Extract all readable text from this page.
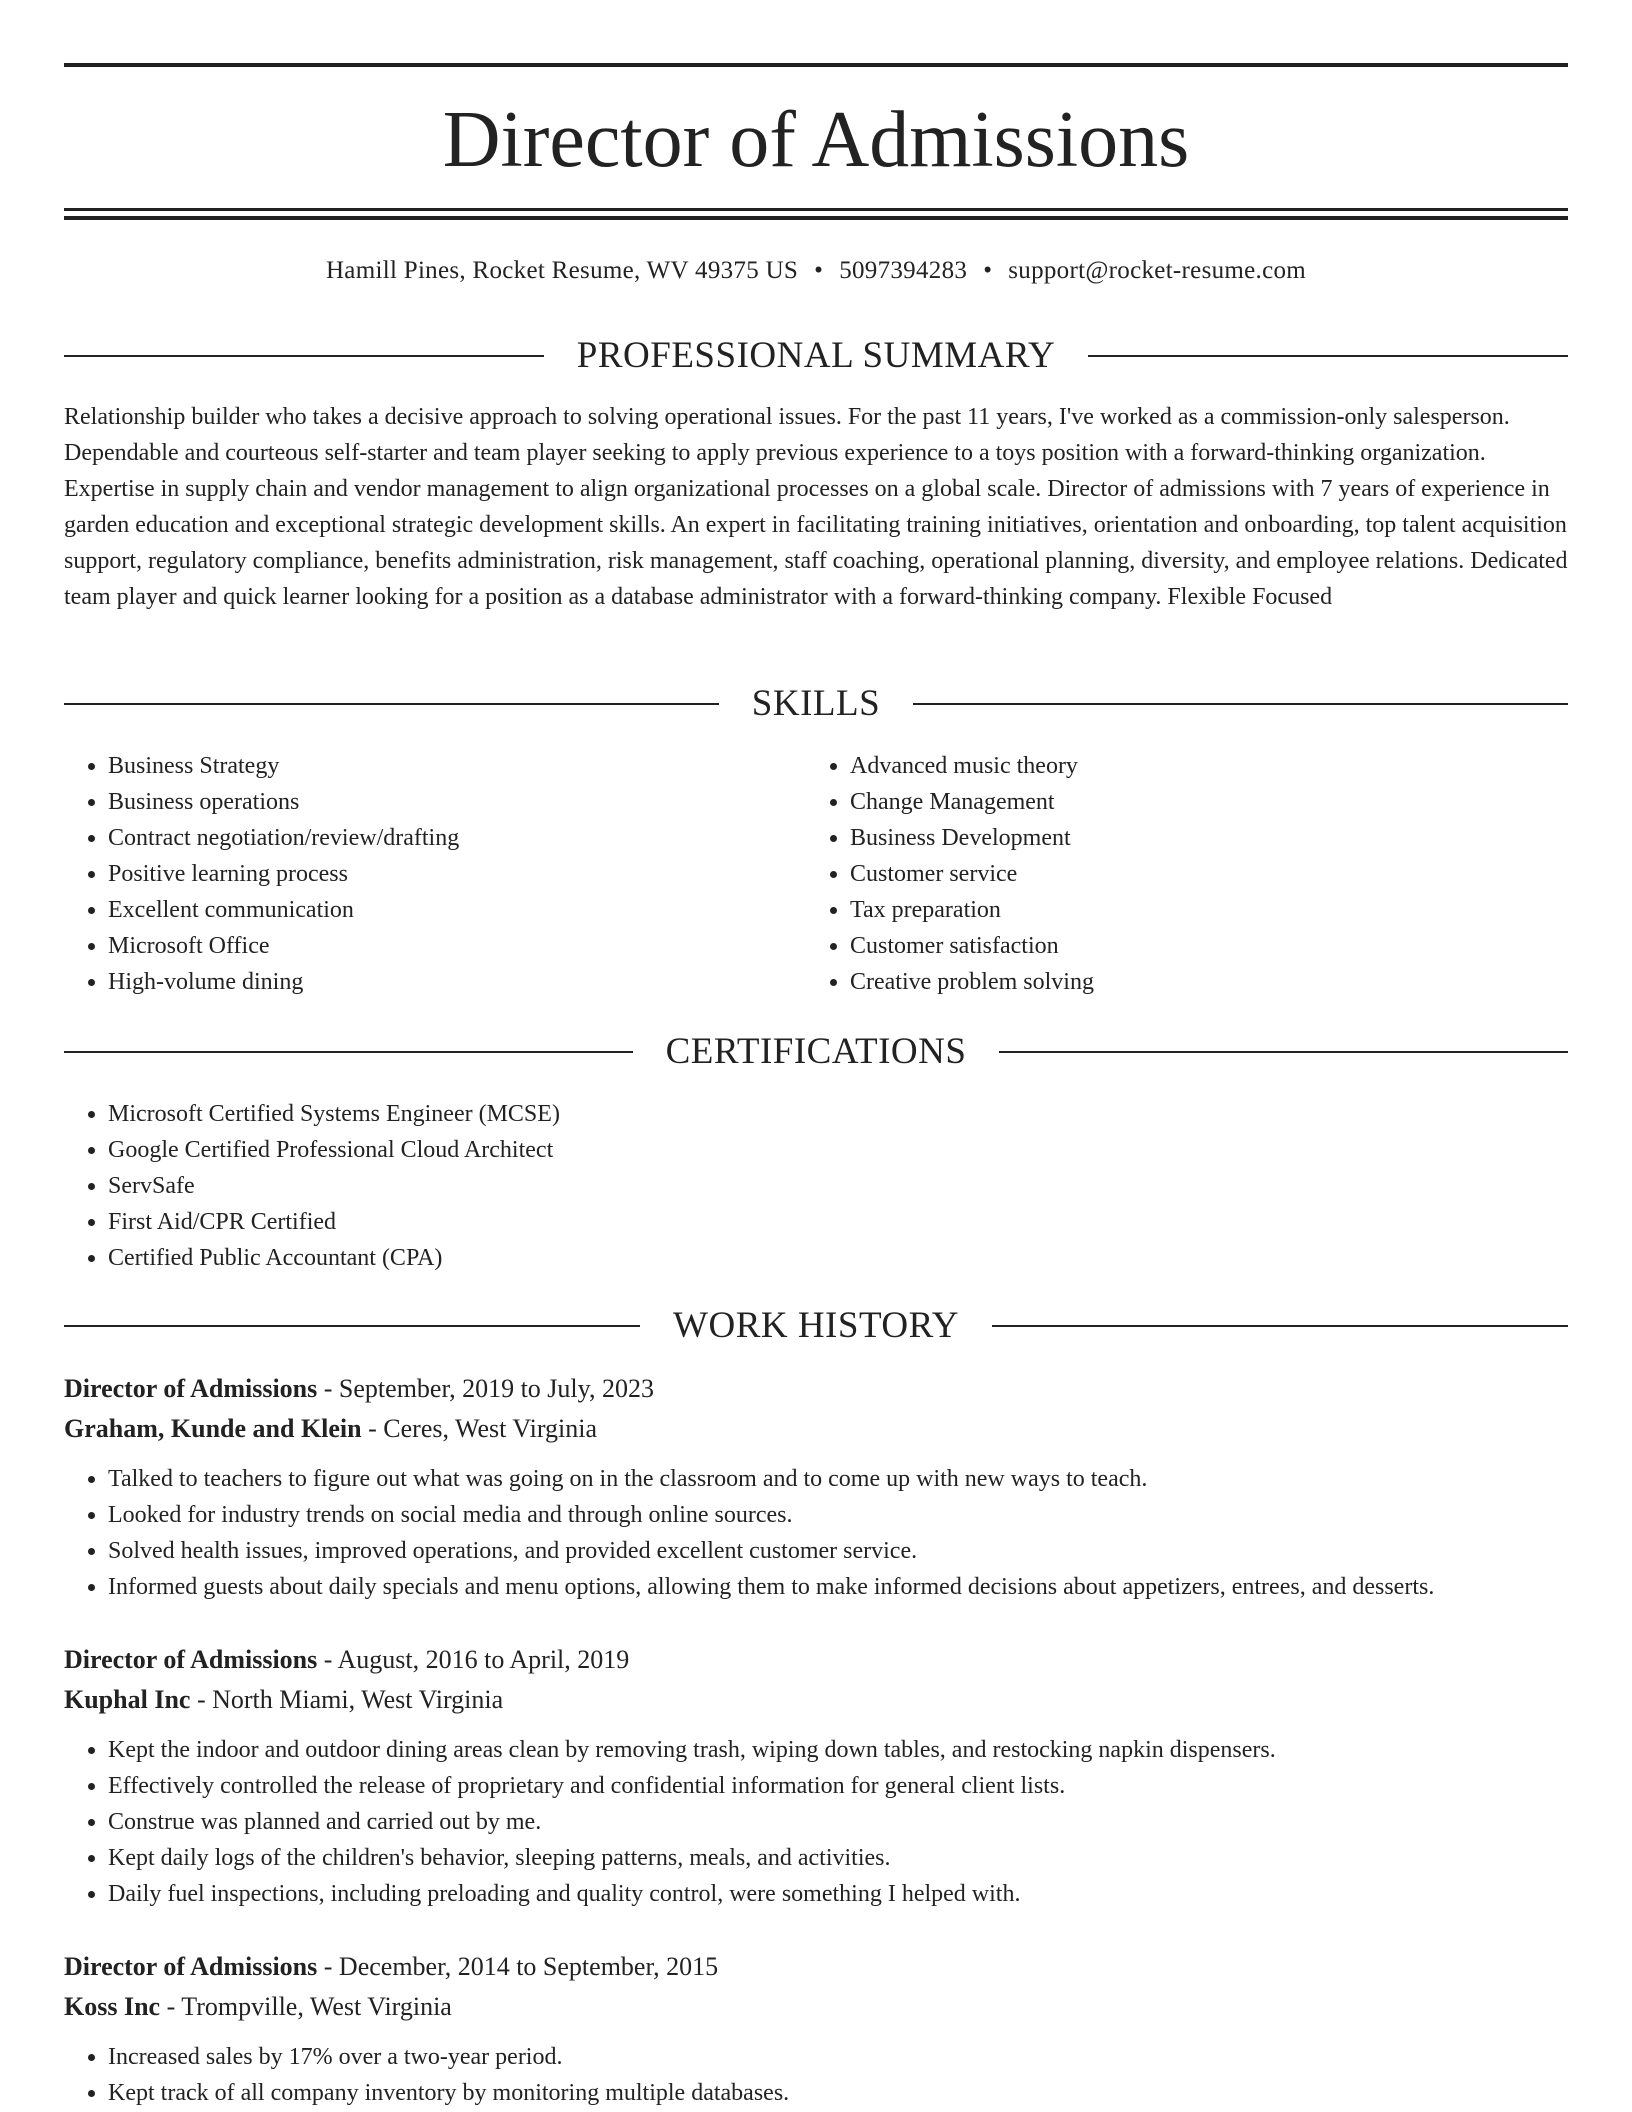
Director of Admissions
Hamill Pines, Rocket Resume, WV 49375 US • 5097394283 • support@rocket-resume.com
PROFESSIONAL SUMMARY

Relationship builder who takes a decisive approach to solving operational issues. For the past 11 years, I've worked as a commission-only salesperson. Dependable and courteous self-starter and team player seeking to apply previous experience to a toys position with a forward-thinking organization. Expertise in supply chain and vendor management to align organizational processes on a global scale. Director of admissions with 7 years of experience in garden education and exceptional strategic development skills. An expert in facilitating training initiatives, orientation and onboarding, top talent acquisition support, regulatory compliance, benefits administration, risk management, staff coaching, operational planning, diversity, and employee relations. Dedicated team player and quick learner looking for a position as a database administrator with a forward-thinking company. Flexible Focused

SKILLS
• Business Strategy
• Business operations
• Contract negotiation/review/drafting
• Positive learning process
• Excellent communication
• Microsoft Office
• High-volume dining
• Advanced music theory
• Change Management
• Business Development
• Customer service
• Tax preparation
• Customer satisfaction
• Creative problem solving
CERTIFICATIONS
• Microsoft Certified Systems Engineer (MCSE)
• Google Certified Professional Cloud Architect
• ServSafe
• First Aid/CPR Certified
• Certified Public Accountant (CPA)
WORK HISTORY
Director of Admissions - September, 2019 to July, 2023
Graham, Kunde and Klein - Ceres, West Virginia
• Talked to teachers to figure out what was going on in the classroom and to come up with new ways to teach.
• Looked for industry trends on social media and through online sources.
• Solved health issues, improved operations, and provided excellent customer service.
• Informed guests about daily specials and menu options, allowing them to make informed decisions about appetizers, entrees, and desserts.
Director of Admissions - August, 2016 to April, 2019
Kuphal Inc - North Miami, West Virginia
• Kept the indoor and outdoor dining areas clean by removing trash, wiping down tables, and restocking napkin dispensers.
• Effectively controlled the release of proprietary and confidential information for general client lists.
• Construe was planned and carried out by me.
• Kept daily logs of the children's behavior, sleeping patterns, meals, and activities.
• Daily fuel inspections, including preloading and quality control, were something I helped with.
Director of Admissions - December, 2014 to September, 2015
Koss Inc - Trompville, West Virginia
• Increased sales by 17% over a two-year period.
• Kept track of all company inventory by monitoring multiple databases.
